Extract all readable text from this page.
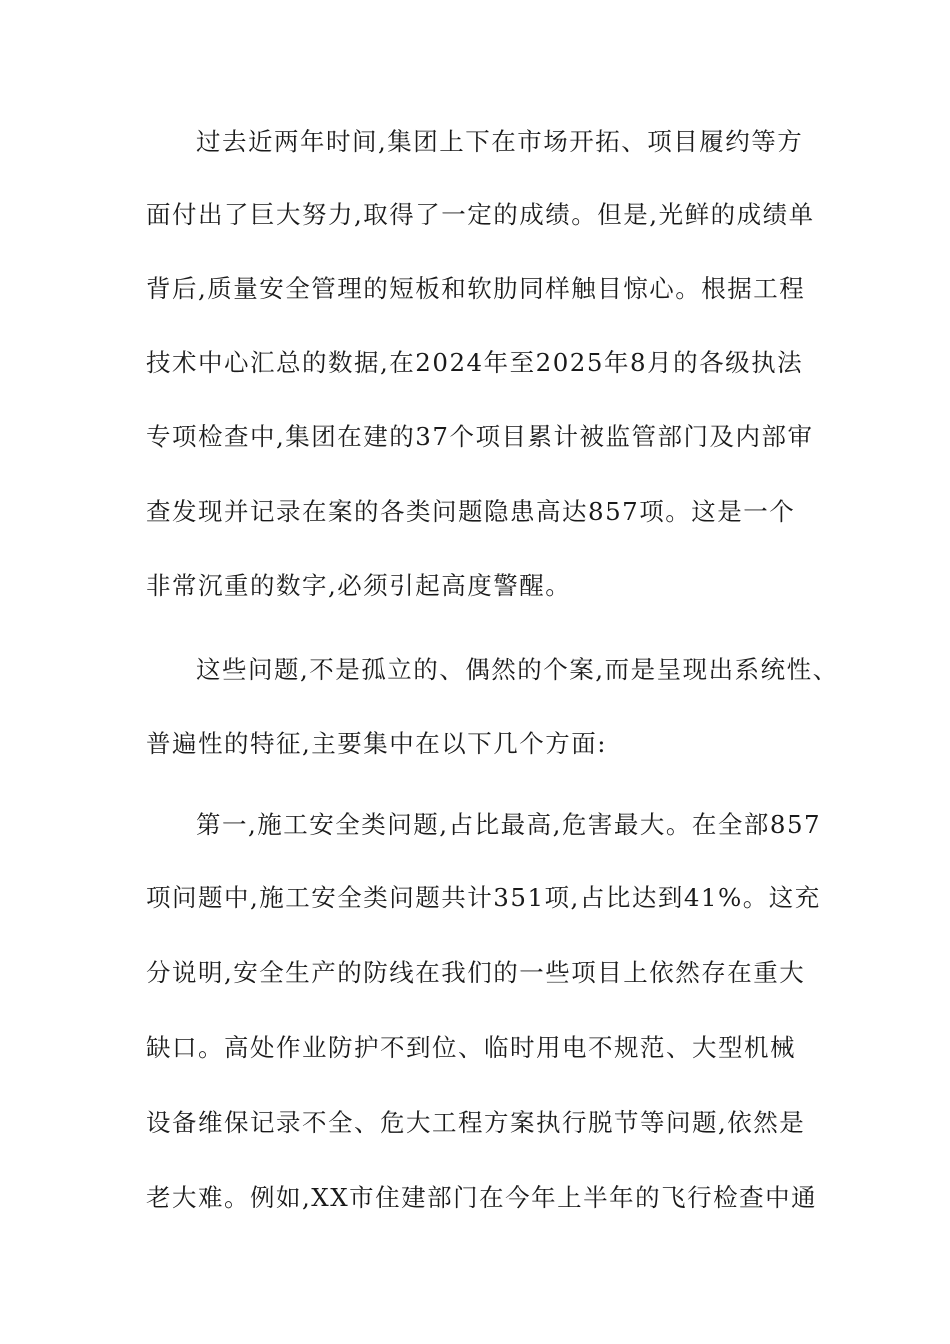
过去近两年时间,集团上下在市场开拓、项目履约等方
面付出了巨大努力,取得了一定的成绩。但是,光鲜的成绩单
背后,质量安全管理的短板和软肋同样触目惊心。根据工程
技术中心汇总的数据,在2024年至2025年8月的各级执法
专项检查中,集团在建的37个项目累计被监管部门及内部审
查发现并记录在案的各类问题隐患高达857项。这是一个
非常沉重的数字,必须引起高度警醒。
这些问题,不是孤立的、偶然的个案,而是呈现出系统性、
普遍性的特征,主要集中在以下几个方面:
第一,施工安全类问题,占比最高,危害最大。在全部857
项问题中,施工安全类问题共计351项,占比达到41%。这充
分说明,安全生产的防线在我们的一些项目上依然存在重大
缺口。高处作业防护不到位、临时用电不规范、大型机械
设备维保记录不全、危大工程方案执行脱节等问题,依然是
老大难。例如,XX市住建部门在今年上半年的飞行检查中通
